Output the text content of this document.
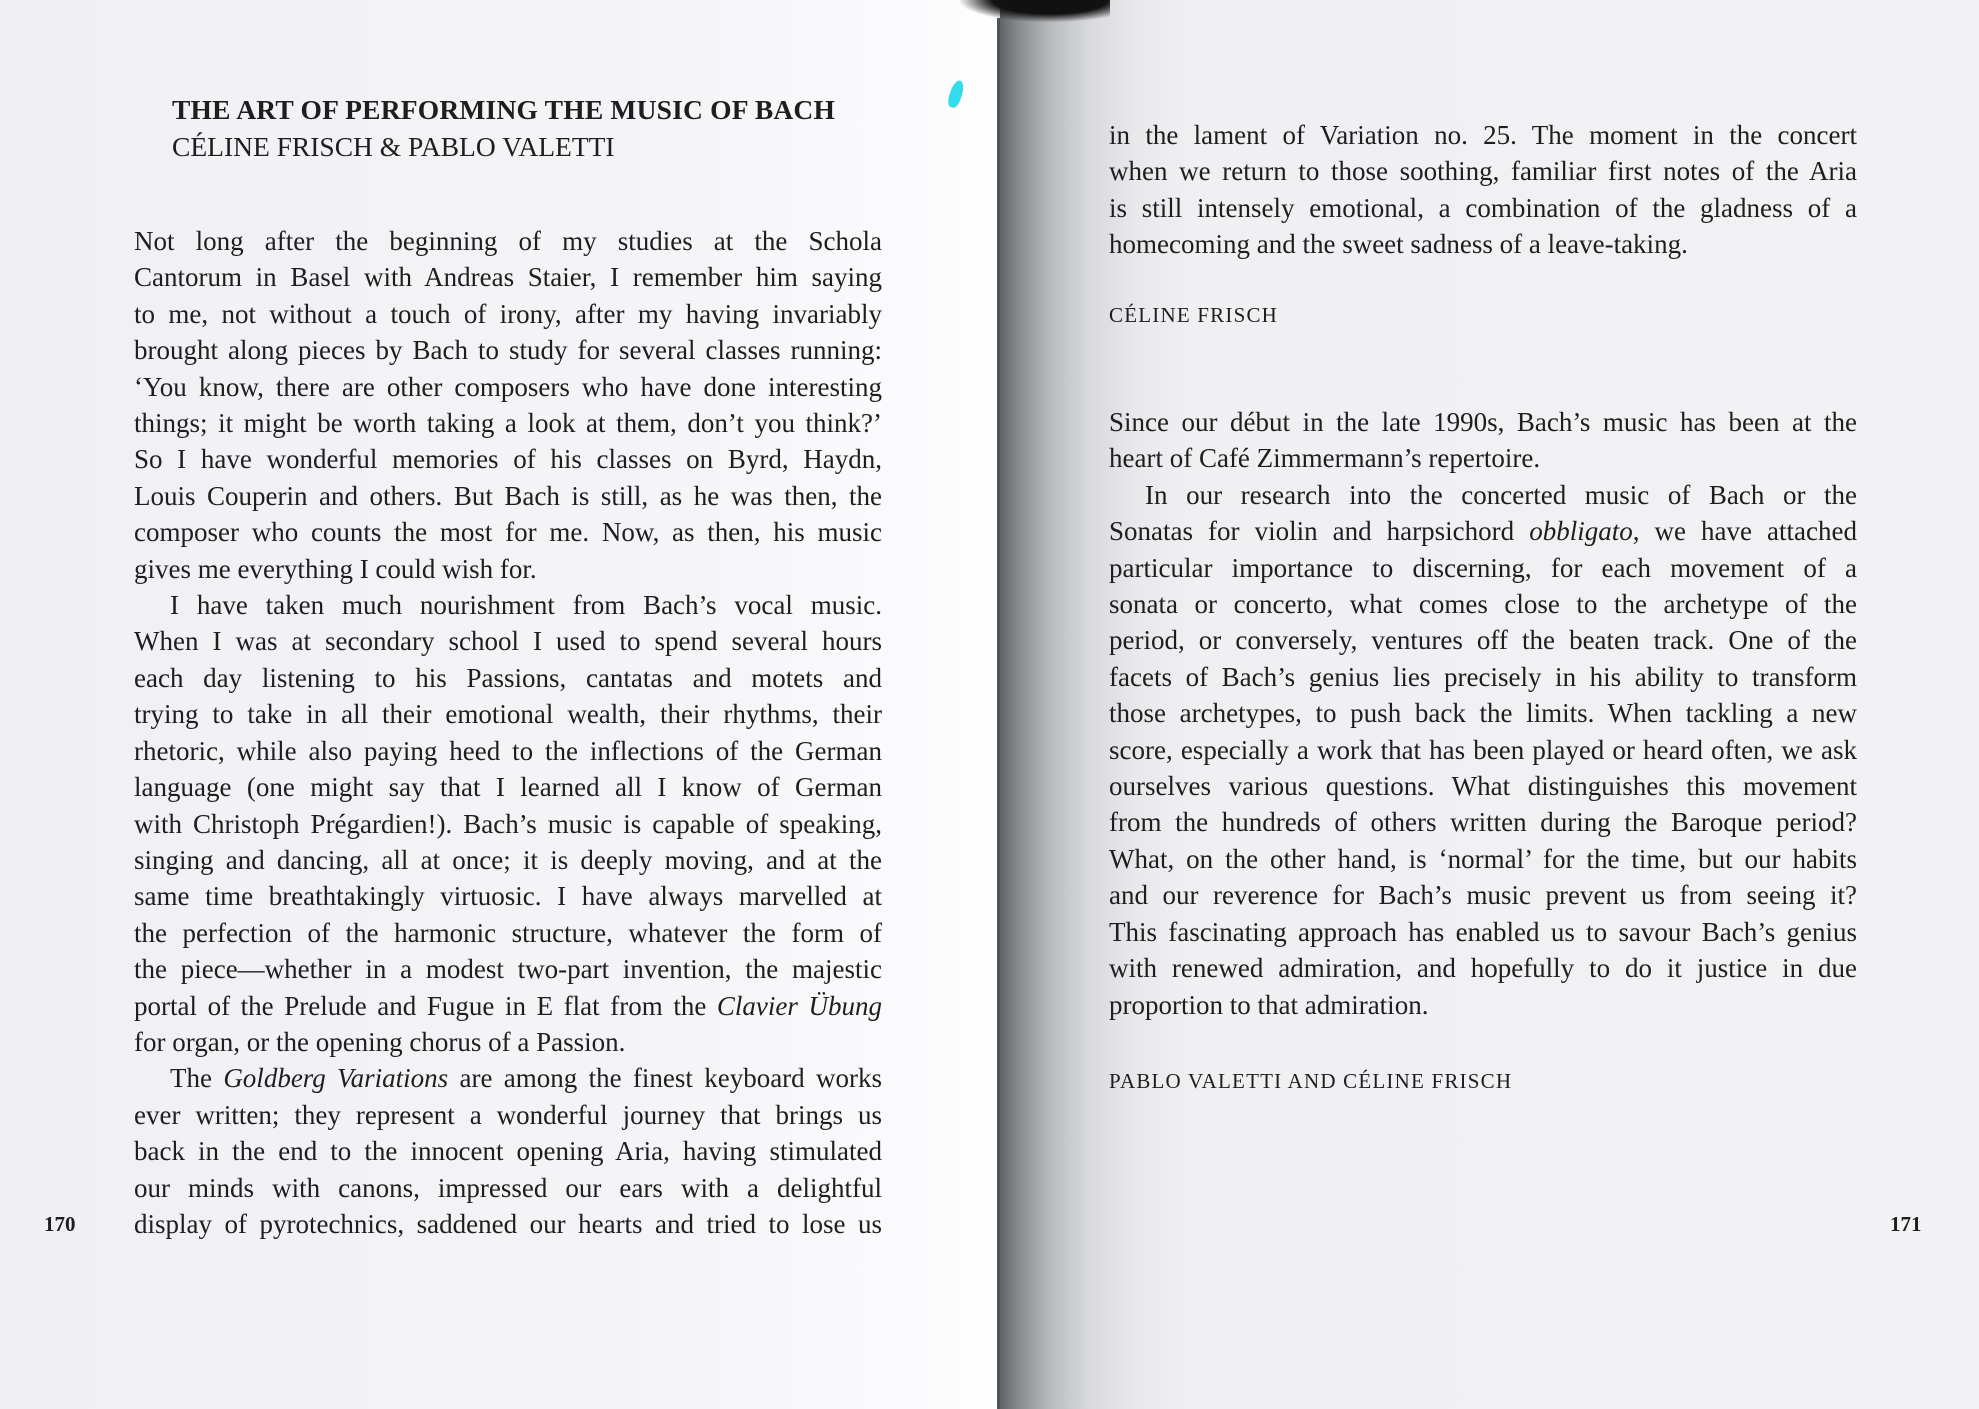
THE ART OF PERFORMING THE MUSIC OF BACH
CÉLINE FRISCH & PABLO VALETTI

Not long after the beginning of my studies at the Schola

Cantorum in Basel with Andreas Staier, I remember him saying

to me, not without a touch of irony, after my having invariably

brought along pieces by Bach to study for several classes running:

‘You know, there are other composers who have done interesting

things; it might be worth taking a look at them, don’t you think?’

So I have wonderful memories of his classes on Byrd, Haydn,

Louis Couperin and others. But Bach is still, as he was then, the

composer who counts the most for me. Now, as then, his music

gives me everything I could wish for.

I have taken much nourishment from Bach’s vocal music.

When I was at secondary school I used to spend several hours

each day listening to his Passions, cantatas and motets and

trying to take in all their emotional wealth, their rhythms, their

rhetoric, while also paying heed to the inflections of the German

language (one might say that I learned all I know of German

with Christoph Prégardien!). Bach’s music is capable of speaking,

singing and dancing, all at once; it is deeply moving, and at the

same time breathtakingly virtuosic. I have always marvelled at

the perfection of the harmonic structure, whatever the form of

the piece—whether in a modest two-part invention, the majestic

portal of the Prelude and Fugue in E flat from the Clavier Übung

for organ, or the opening chorus of a Passion.

The Goldberg Variations are among the finest keyboard works

ever written; they represent a wonderful journey that brings us

back in the end to the innocent opening Aria, having stimulated

our minds with canons, impressed our ears with a delightful

display of pyrotechnics, saddened our hearts and tried to lose us

170

in the lament of Variation no. 25. The moment in the concert

when we return to those soothing, familiar first notes of the Aria

is still intensely emotional, a combination of the gladness of a

homecoming and the sweet sadness of a leave-taking.

CÉLINE FRISCH

Since our début in the late 1990s, Bach’s music has been at the

heart of Café Zimmermann’s repertoire.

In our research into the concerted music of Bach or the

Sonatas for violin and harpsichord obbligato, we have attached

particular importance to discerning, for each movement of a

sonata or concerto, what comes close to the archetype of the

period, or conversely, ventures off the beaten track. One of the

facets of Bach’s genius lies precisely in his ability to transform

those archetypes, to push back the limits. When tackling a new

score, especially a work that has been played or heard often, we ask

ourselves various questions. What distinguishes this movement

from the hundreds of others written during the Baroque period?

What, on the other hand, is ‘normal’ for the time, but our habits

and our reverence for Bach’s music prevent us from seeing it?

This fascinating approach has enabled us to savour Bach’s genius

with renewed admiration, and hopefully to do it justice in due

proportion to that admiration.

PABLO VALETTI AND CÉLINE FRISCH
171
